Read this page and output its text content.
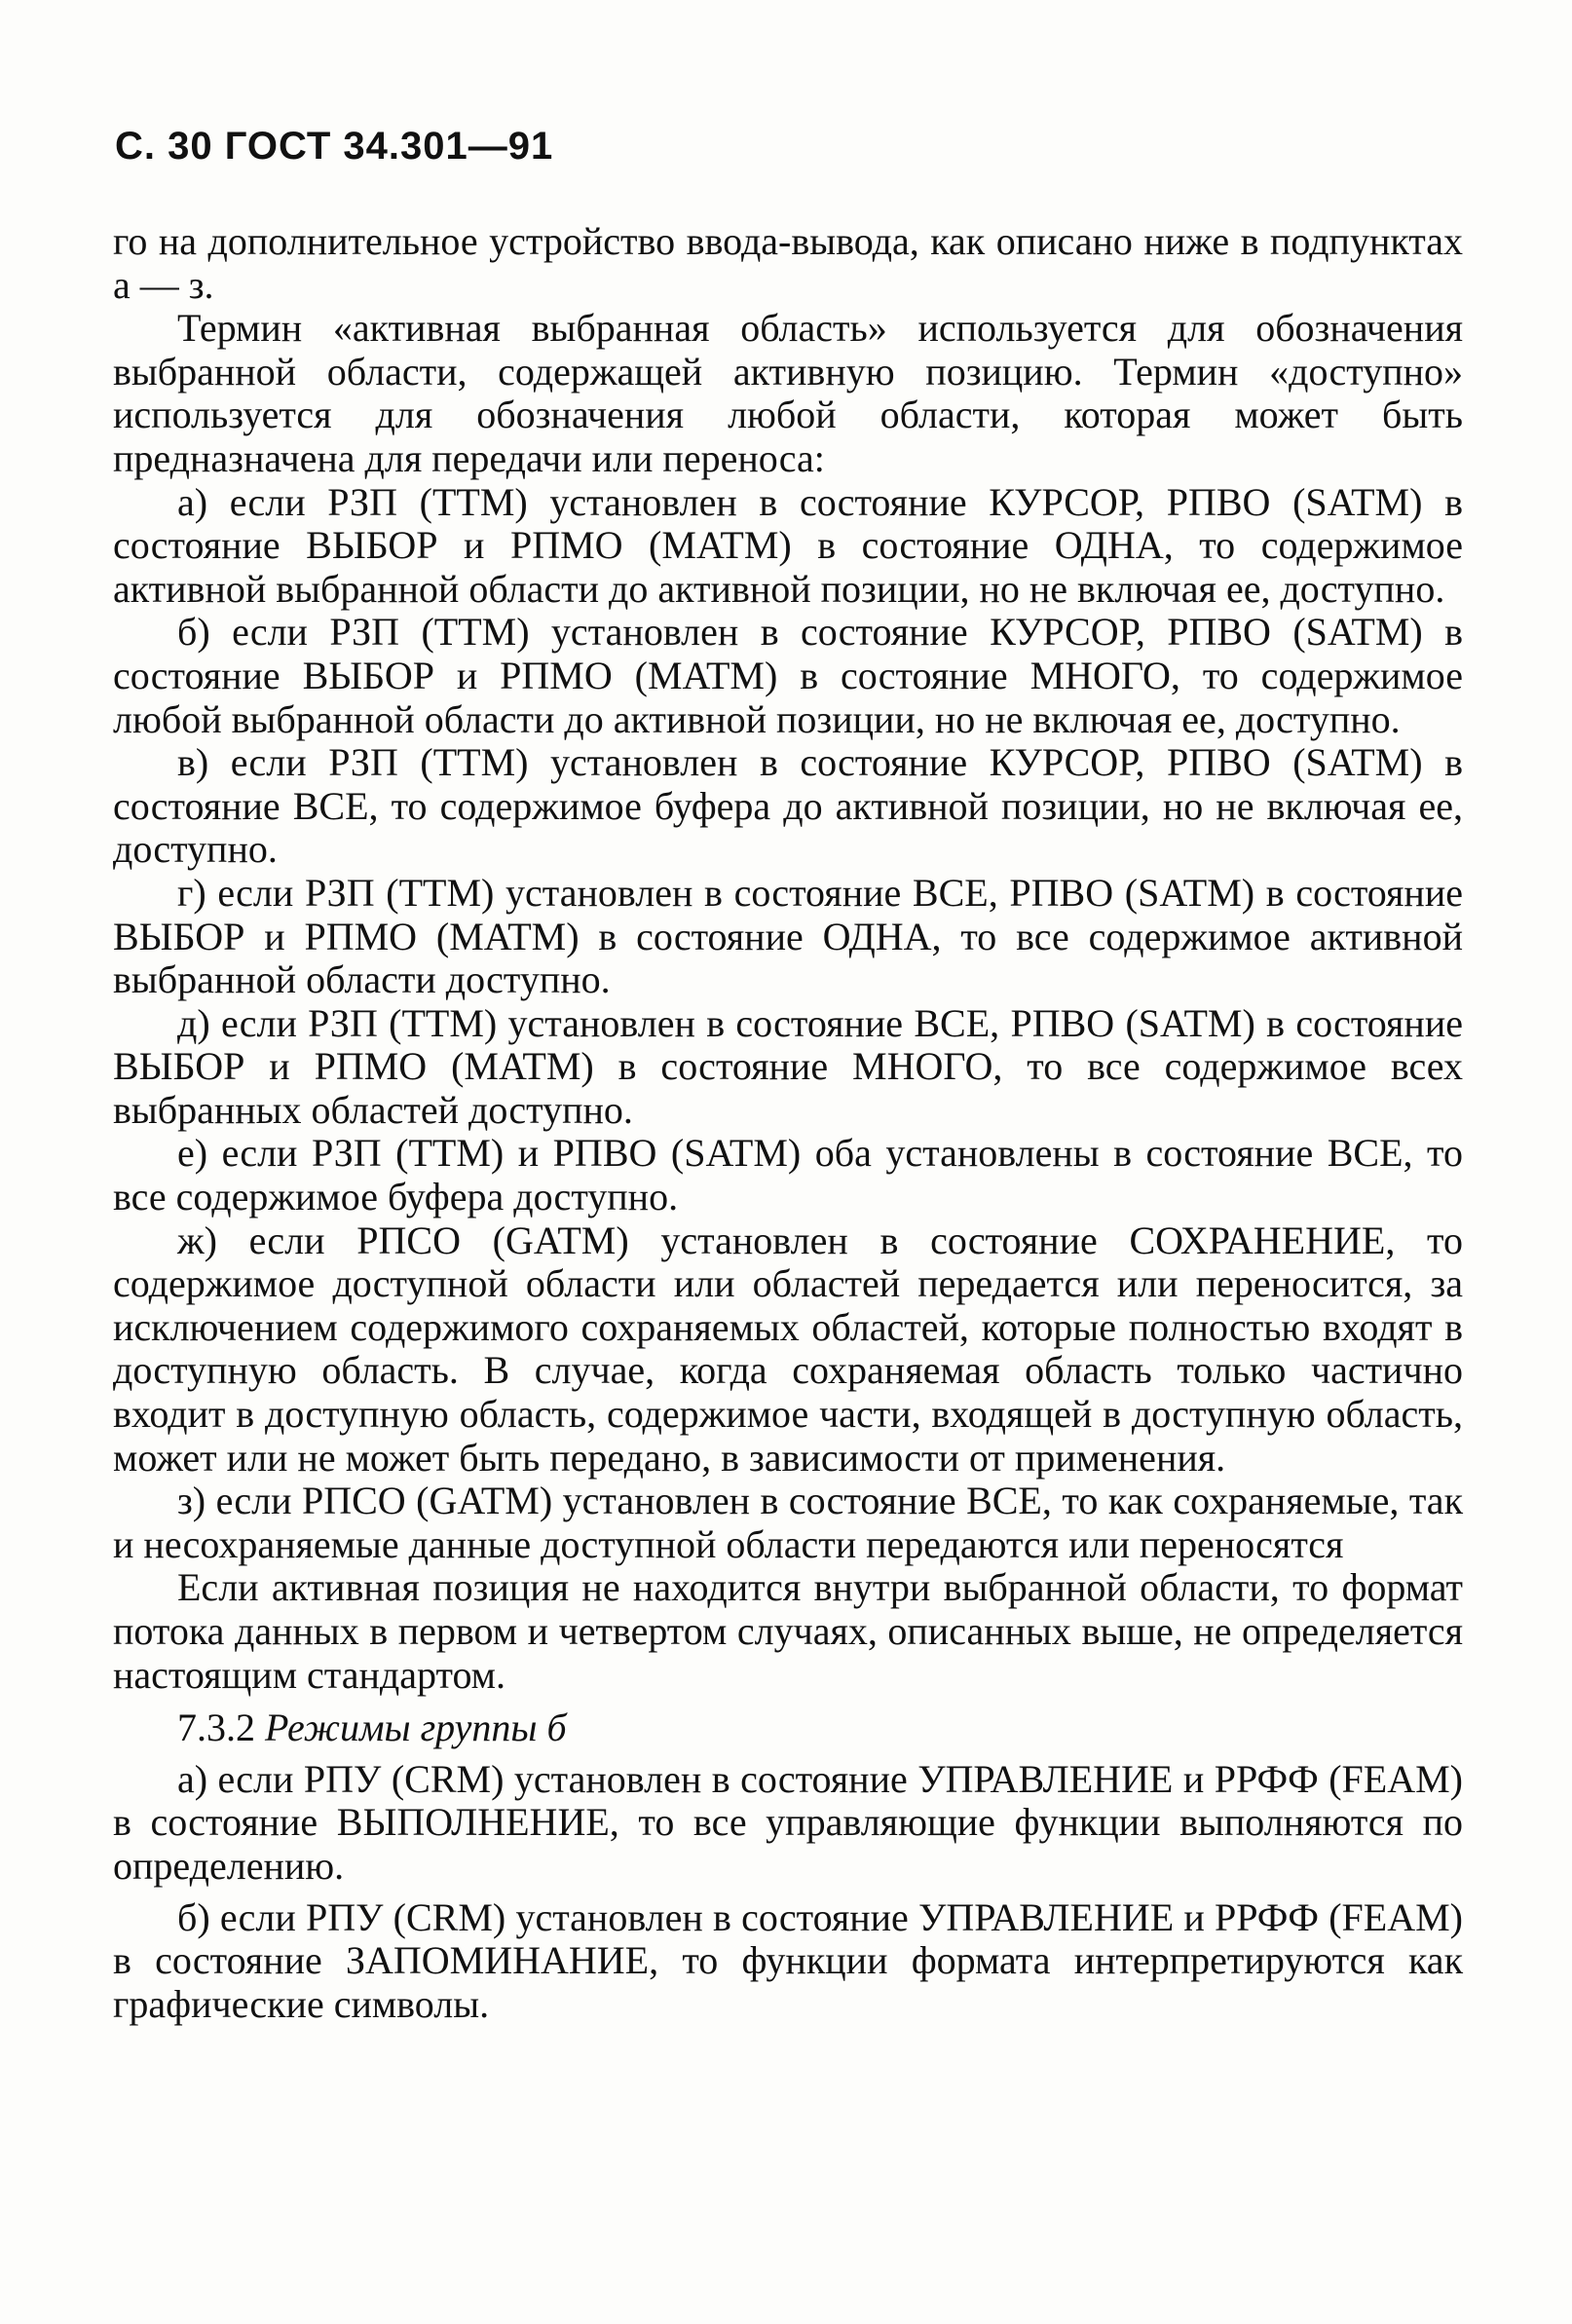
С. 30 ГОСТ 34.301—91

го на дополнительное устройство ввода-вывода, как описано ниже в подпунктах а — з.

Термин «активная выбранная область» используется для обозначения выбранной области, содержащей активную позицию. Термин «доступно» используется для обозначения любой области, которая может быть предназначена для передачи или переноса:

а) если РЗП (TTM) установлен в состояние КУРСОР, РПВО (SATM) в состояние ВЫБОР и РПМО (MATM) в состояние ОДНА, то содержимое активной выбранной области до активной позиции, но не включая ее, доступно.

б) если РЗП (TTM) установлен в состояние КУРСОР, РПВО (SATM) в состояние ВЫБОР и РПМО (MATM) в состояние МНОГО, то содержимое любой выбранной области до активной позиции, но не включая ее, доступно.

в) если РЗП (TTM) установлен в состояние КУРСОР, РПВО (SATM) в состояние ВСЕ, то содержимое буфера до активной позиции, но не включая ее, доступно.

г) если РЗП (TTM) установлен в состояние ВСЕ, РПВО (SATM) в состояние ВЫБОР и РПМО (MATM) в состояние ОДНА, то все содержимое активной выбранной области доступно.

д) если РЗП (TTM) установлен в состояние ВСЕ, РПВО (SATM) в состояние ВЫБОР и РПМО (MATM) в состояние МНОГО, то все содержимое всех выбранных областей доступно.

е) если РЗП (TTM) и РПВО (SATM) оба установлены в состояние ВСЕ, то все содержимое буфера доступно.

ж) если РПСО (GATM) установлен в состояние СОХРАНЕНИЕ, то содержимое доступной области или областей передается или переносится, за исключением содержимого сохраняемых областей, которые полностью входят в доступную область. В случае, когда сохраняемая область только частично входит в доступную область, содержимое части, входящей в доступную область, может или не может быть передано, в зависимости от применения.

з) если РПСО (GATM) установлен в состояние ВСЕ, то как сохраняемые, так и несохраняемые данные доступной области передаются или переносятся

Если активная позиция не находится внутри выбранной области, то формат потока данных в первом и четвертом случаях, описанных выше, не определяется настоящим стандартом.

7.3.2 Режимы группы б

а) если РПУ (CRM) установлен в состояние УПРАВЛЕНИЕ и РРФФ (FEAM) в состояние ВЫПОЛНЕНИЕ, то все управляющие функции выполняются по определению.

б) если РПУ (CRM) установлен в состояние УПРАВЛЕНИЕ и РРФФ (FEAM) в состояние ЗАПОМИНАНИЕ, то функции формата интерпретируются как графические символы.
